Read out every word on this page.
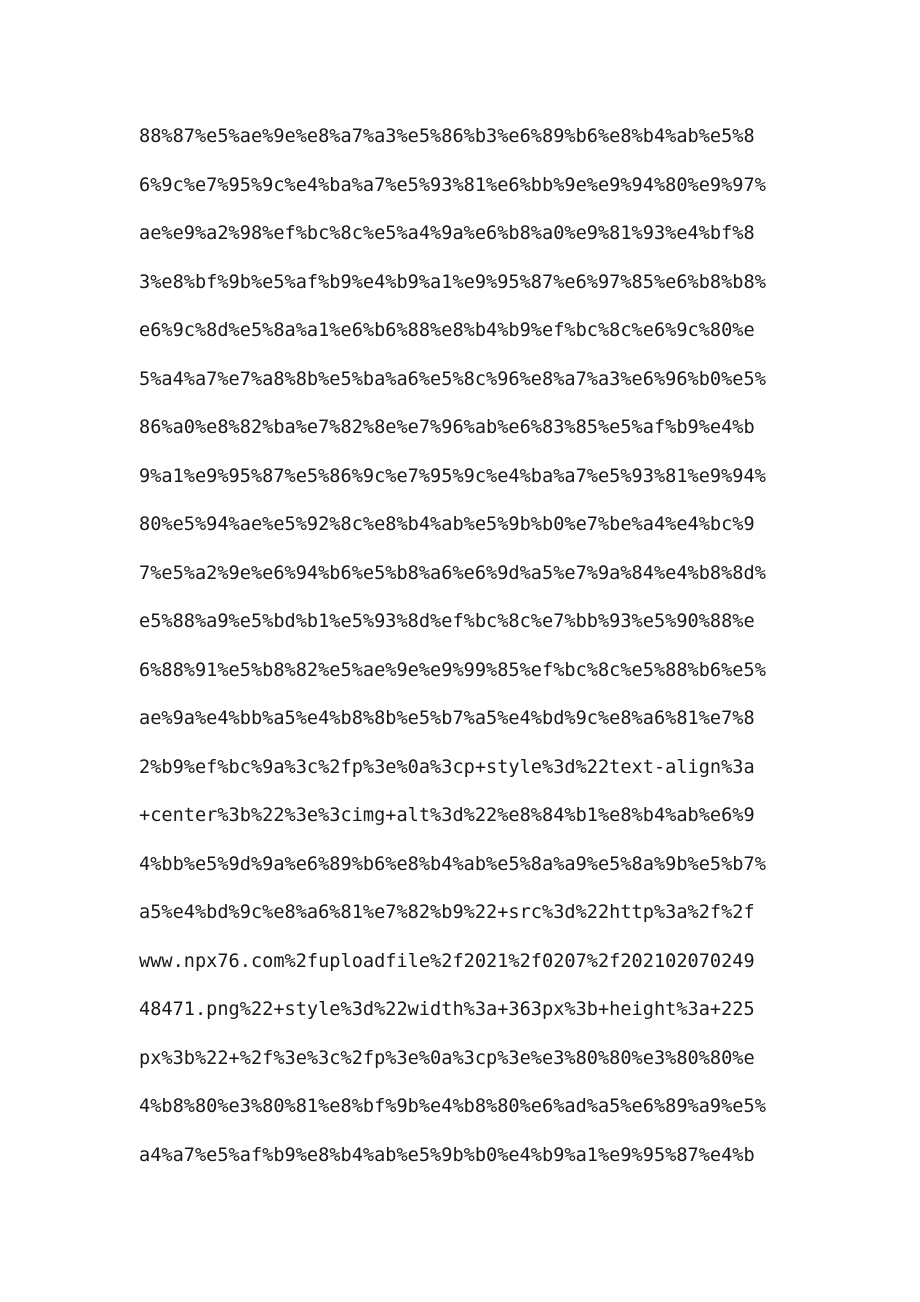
88%87%e5%ae%9e%e8%a7%a3%e5%86%b3%e6%89%b6%e8%b4%ab%e5%8
6%9c%e7%95%9c%e4%ba%a7%e5%93%81%e6%bb%9e%e9%94%80%e9%97%
ae%e9%a2%98%ef%bc%8c%e5%a4%9a%e6%b8%a0%e9%81%93%e4%bf%8
3%e8%bf%9b%e5%af%b9%e4%b9%a1%e9%95%87%e6%97%85%e6%b8%b8%
e6%9c%8d%e5%8a%a1%e6%b6%88%e8%b4%b9%ef%bc%8c%e6%9c%80%e
5%a4%a7%e7%a8%8b%e5%ba%a6%e5%8c%96%e8%a7%a3%e6%96%b0%e5%
86%a0%e8%82%ba%e7%82%8e%e7%96%ab%e6%83%85%e5%af%b9%e4%b
9%a1%e9%95%87%e5%86%9c%e7%95%9c%e4%ba%a7%e5%93%81%e9%94%
80%e5%94%ae%e5%92%8c%e8%b4%ab%e5%9b%b0%e7%be%a4%e4%bc%9
7%e5%a2%9e%e6%94%b6%e5%b8%a6%e6%9d%a5%e7%9a%84%e4%b8%8d%
e5%88%a9%e5%bd%b1%e5%93%8d%ef%bc%8c%e7%bb%93%e5%90%88%e
6%88%91%e5%b8%82%e5%ae%9e%e9%99%85%ef%bc%8c%e5%88%b6%e5%
ae%9a%e4%bb%a5%e4%b8%8b%e5%b7%a5%e4%bd%9c%e8%a6%81%e7%8
2%b9%ef%bc%9a%3c%2fp%3e%0a%3cp+style%3d%22text-align%3a
+center%3b%22%3e%3cimg+alt%3d%22%e8%84%b1%e8%b4%ab%e6%9
4%bb%e5%9d%9a%e6%89%b6%e8%b4%ab%e5%8a%a9%e5%8a%9b%e5%b7%
a5%e4%bd%9c%e8%a6%81%e7%82%b9%22+src%3d%22http%3a%2f%2f
www.npx76.com%2fuploadfile%2f2021%2f0207%2f202102070249
48471.png%22+style%3d%22width%3a+363px%3b+height%3a+225
px%3b%22+%2f%3e%3c%2fp%3e%0a%3cp%3e%e3%80%80%e3%80%80%e
4%b8%80%e3%80%81%e8%bf%9b%e4%b8%80%e6%ad%a5%e6%89%a9%e5%
a4%a7%e5%af%b9%e8%b4%ab%e5%9b%b0%e4%b9%a1%e9%95%87%e4%b
